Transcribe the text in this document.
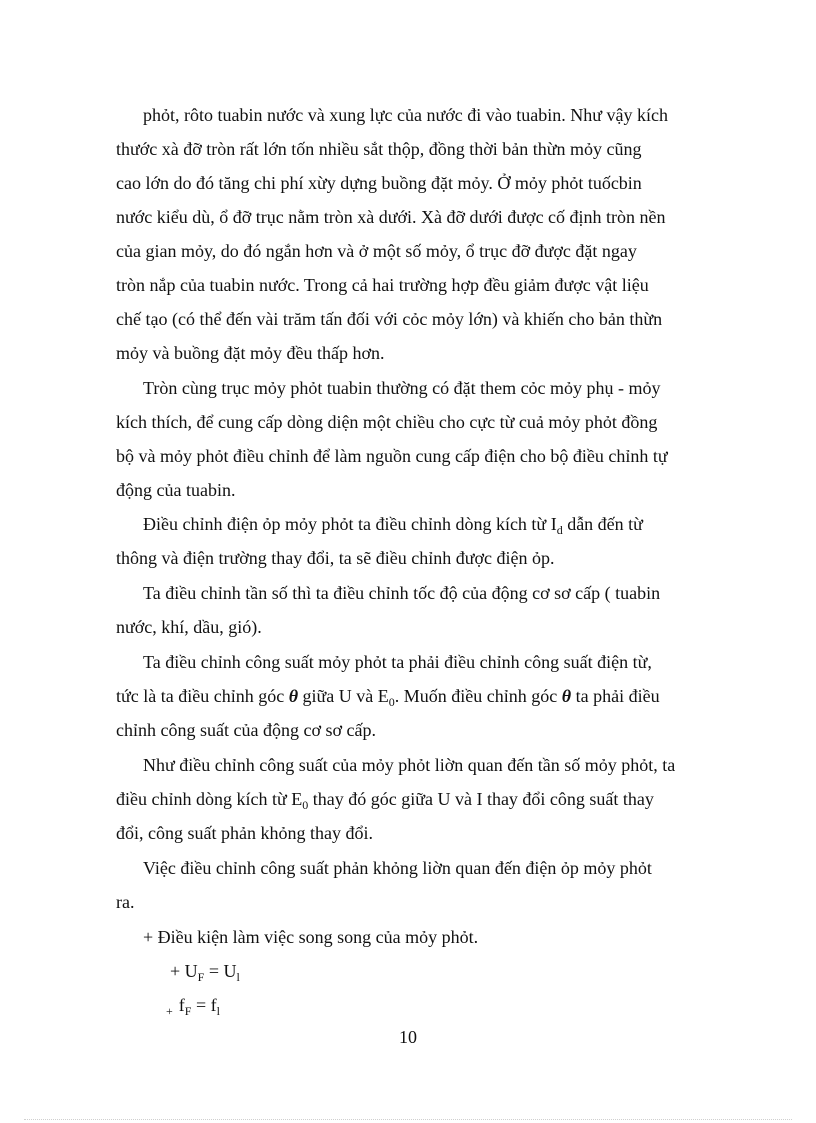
phỏt, rôto tuabin nước và xung lực của nước đi vào tuabin. Như vậy kích
thước xà đỡ tròn rất lớn tốn nhiều sắt thộp, đồng thời bản thừn mỏy cũng
cao lớn do đó tăng chi phí xừy dựng buồng đặt mỏy. Ở mỏy phỏt tuốcbin
nước kiểu dù, ổ đỡ trục nằm tròn xà dưới. Xà đỡ dưới được cố định tròn nền
của gian mỏy, do đó ngắn hơn và ở một số mỏy, ổ trục đỡ được đặt ngay
tròn nắp của tuabin nước. Trong cả hai trường hợp đều giảm được vật liệu
chế tạo (có thể đến vài trăm tấn đối với cỏc mỏy lớn) và khiến cho bản thừn
mỏy và buồng đặt mỏy đều thấp hơn.
Tròn cùng trục mỏy phỏt tuabin thường có đặt them cỏc mỏy phụ - mỏy
kích thích, để cung cấp dòng diện một chiều cho cực từ cuả mỏy phỏt đồng
bộ và mỏy phỏt điều chỉnh để làm nguồn cung cấp điện cho bộ điều chỉnh tự
động của tuabin.
Điều chỉnh điện ỏp mỏy phỏt ta điều chỉnh dòng kích từ $I_d$ dẫn đến từ
thông và điện trường thay đổi, ta sẽ điều chỉnh được điện ỏp.
Ta điều chỉnh tần số thì ta điều chỉnh tốc độ của động cơ sơ cấp ( tuabin
nước, khí, dầu, gió).
Ta điều chỉnh công suất mỏy phỏt ta phải điều chỉnh công suất điện từ,
tức là ta điều chỉnh góc θ giữa U và $E_0$. Muốn điều chỉnh góc θ ta phải điều
chỉnh công suất của động cơ sơ cấp.
Như điều chỉnh công suất của mỏy phỏt liờn quan đến tần số mỏy phỏt, ta
điều chỉnh dòng kích từ $E_0$ thay đó góc giữa U và I thay đổi công suất thay
đổi, công suất phản khỏng thay đổi.
Việc điều chỉnh công suất phản khỏng liờn quan đến điện ỏp mỏy phỏt
ra.
+ Điều kiện làm việc song song của mỏy phỏt.
+ $U_F = U_l$
$_+$ $f_F = f_l$
10
